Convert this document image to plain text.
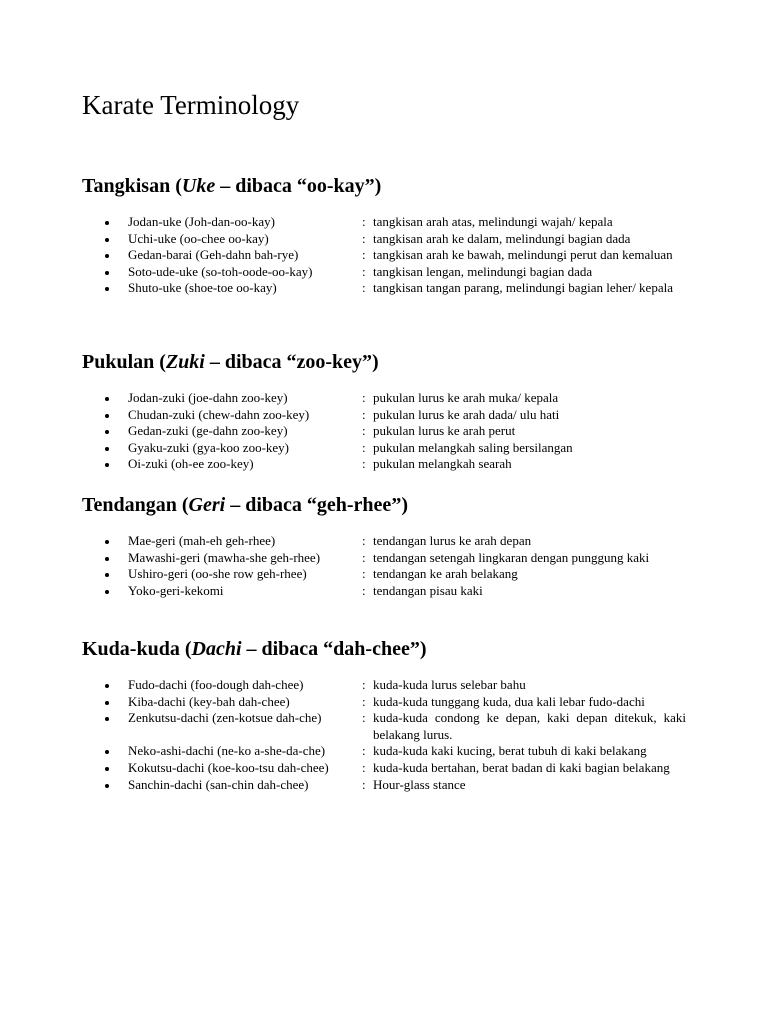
Karate Terminology
Tangkisan (Uke – dibaca “oo-kay”)
Jodan-uke (Joh-dan-oo-kay)	: tangkisan arah atas, melindungi wajah/ kepala
Uchi-uke (oo-chee oo-kay)	: tangkisan arah ke dalam, melindungi bagian dada
Gedan-barai (Geh-dahn bah-rye)	: tangkisan arah ke bawah, melindungi perut dan kemaluan
Soto-ude-uke (so-toh-oode-oo-kay)	: tangkisan lengan, melindungi bagian dada
Shuto-uke (shoe-toe oo-kay)	: tangkisan tangan parang, melindungi bagian leher/ kepala
Pukulan (Zuki – dibaca “zoo-key”)
Jodan-zuki (joe-dahn zoo-key)	: pukulan lurus ke arah muka/ kepala
Chudan-zuki (chew-dahn zoo-key)	: pukulan lurus ke arah dada/ ulu hati
Gedan-zuki (ge-dahn zoo-key)	: pukulan lurus ke arah perut
Gyaku-zuki (gya-koo zoo-key)	: pukulan melangkah saling bersilangan
Oi-zuki (oh-ee zoo-key)	: pukulan melangkah searah
Tendangan (Geri – dibaca “geh-rhee”)
Mae-geri (mah-eh geh-rhee)	: tendangan lurus ke arah depan
Mawashi-geri (mawha-she geh-rhee)	: tendangan setengah lingkaran dengan punggung kaki
Ushiro-geri (oo-she row geh-rhee)	: tendangan ke arah belakang
Yoko-geri-kekomi	: tendangan pisau kaki
Kuda-kuda (Dachi – dibaca “dah-chee”)
Fudo-dachi (foo-dough dah-chee)	: kuda-kuda lurus selebar bahu
Kiba-dachi (key-bah dah-chee)	: kuda-kuda tunggang kuda, dua kali lebar fudo-dachi
Zenkutsu-dachi (zen-kotsue dah-che)	: kuda-kuda condong ke depan, kaki depan ditekuk, kaki belakang lurus.
Neko-ashi-dachi (ne-ko a-she-da-che)	: kuda-kuda kaki kucing, berat tubuh di kaki belakang
Kokutsu-dachi (koe-koo-tsu dah-chee)	: kuda-kuda bertahan, berat badan di kaki bagian belakang
Sanchin-dachi (san-chin dah-chee)	: Hour-glass stance
